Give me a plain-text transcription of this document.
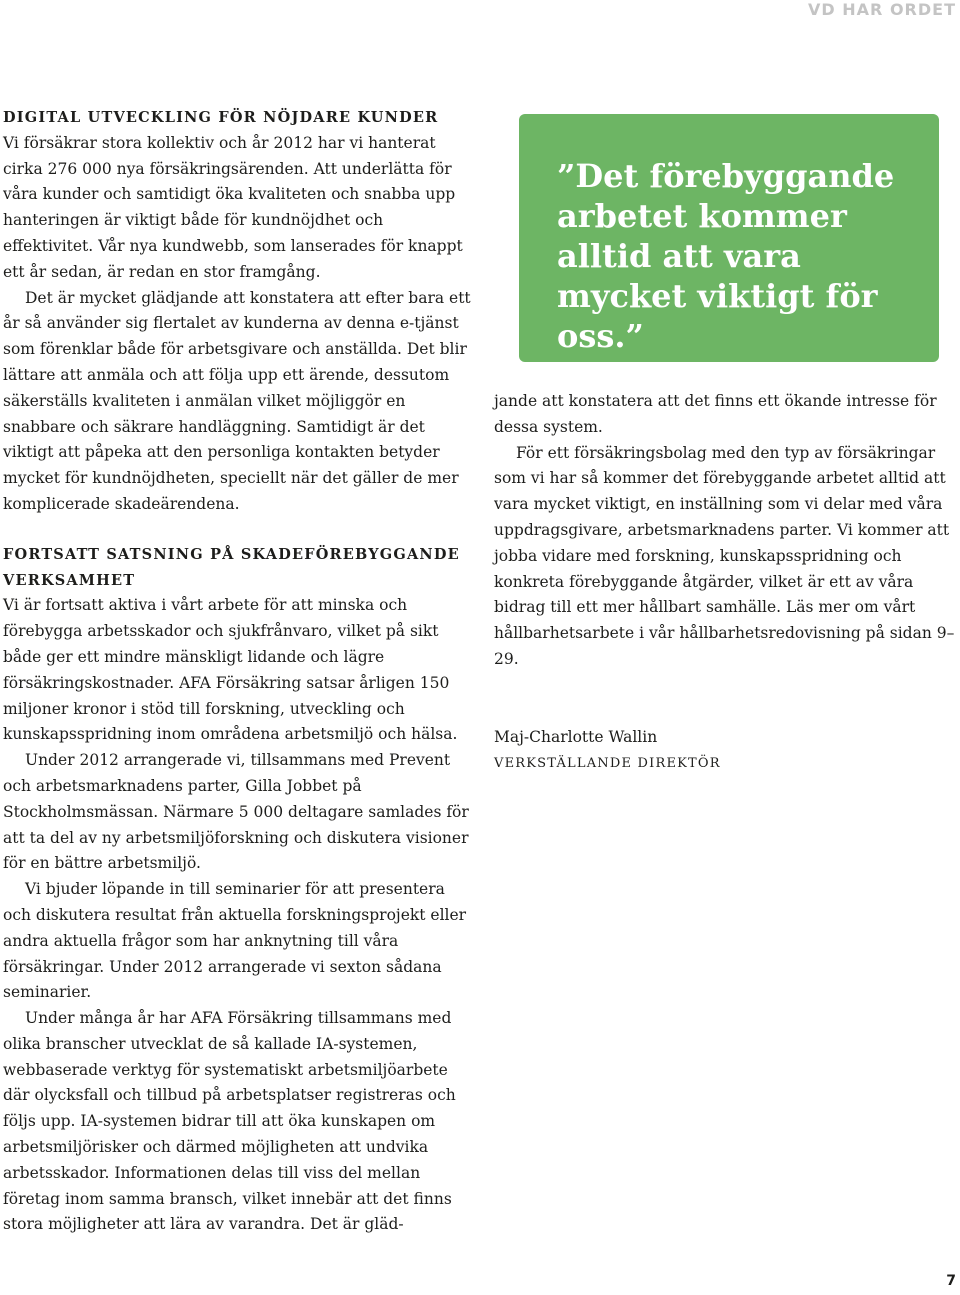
VD HAR ORDET

DIGITAL UTVECKLING FÖR NÖJDARE KUNDER

Vi försäkrar stora kollektiv och år 2012 har vi hanterat cirka 276 000 nya försäkringsärenden. Att underlätta för våra kunder och samtidigt öka kvaliteten och snabba upp hanteringen är viktigt både för kundnöjdhet och effektivitet. Vår nya kundwebb, som lanserades för knappt ett år sedan, är redan en stor framgång.

Det är mycket glädjande att konstatera att efter bara ett år så använder sig flertalet av kunderna av denna e-tjänst som förenklar både för arbetsgivare och anställda. Det blir lättare att anmäla och att följa upp ett ärende, dessutom säkerställs kvaliteten i anmälan vilket möjliggör en snabbare och säkrare handläggning. Samtidigt är det viktigt att påpeka att den personliga kontakten betyder mycket för kundnöjdheten, speciellt när det gäller de mer komplicerade skadeärendena.

FORTSATT SATSNING PÅ SKADEFÖREBYGGANDE VERKSAMHET

Vi är fortsatt aktiva i vårt arbete för att minska och förebygga arbetsskador och sjukfrånvaro, vilket på sikt både ger ett mindre mänskligt lidande och lägre försäkringskostnader. AFA Försäkring satsar årligen 150 miljoner kronor i stöd till forskning, utveckling och kunskapsspridning inom områdena arbetsmiljö och hälsa.

Under 2012 arrangerade vi, tillsammans med Prevent och arbetsmarknadens parter, Gilla Jobbet på Stockholmsmässan. Närmare 5 000 deltagare samlades för att ta del av ny arbetsmiljöforskning och diskutera visioner för en bättre arbetsmiljö.

Vi bjuder löpande in till seminarier för att presentera och diskutera resultat från aktuella forskningsprojekt eller andra aktuella frågor som har anknytning till våra försäkringar. Under 2012 arrangerade vi sexton sådana seminarier.

Under många år har AFA Försäkring tillsammans med olika branscher utvecklat de så kallade IA-systemen, webbaserade verktyg för systematiskt arbetsmiljöarbete där olycksfall och tillbud på arbetsplatser registreras och följs upp. IA-systemen bidrar till att öka kunskapen om arbetsmiljörisker och därmed möjligheten att undvika arbetsskador. Informationen delas till viss del mellan företag inom samma bransch, vilket innebär att det finns stora möjligheter att lära av varandra. Det är gläd-

”Det förebyggande arbetet kommer alltid att vara mycket viktigt för oss.”

jande att konstatera att det finns ett ökande intresse för dessa system.

För ett försäkringsbolag med den typ av försäkringar som vi har så kommer det förebyggande arbetet alltid att vara mycket viktigt, en inställning som vi delar med våra uppdragsgivare, arbetsmarknadens parter. Vi kommer att jobba vidare med forskning, kunskapsspridning och konkreta förebyggande åtgärder, vilket är ett av våra bidrag till ett mer hållbart samhälle. Läs mer om vårt hållbarhetsarbete i vår hållbarhetsredovisning på sidan 9–29.

Maj-Charlotte Wallin

VERKSTÄLLANDE DIREKTÖR

7
